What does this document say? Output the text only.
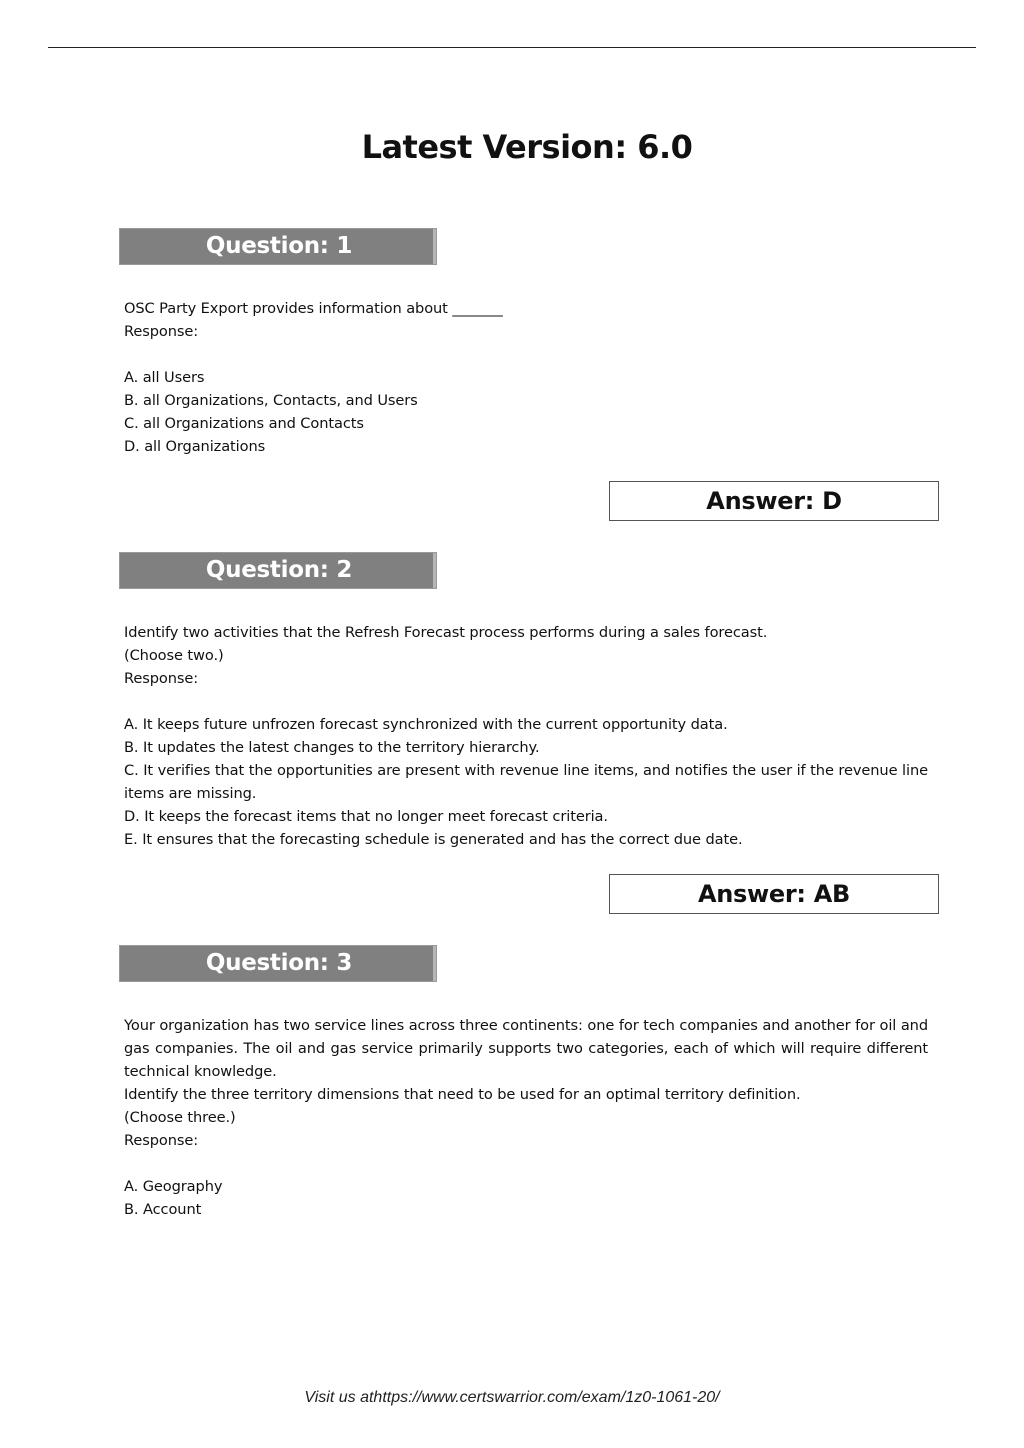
Latest Version: 6.0
Question: 1
OSC Party Export provides information about _______
Response:
A. all Users
B. all Organizations, Contacts, and Users
C. all Organizations and Contacts
D. all Organizations
Answer: D
Question: 2
Identify two activities that the Refresh Forecast process performs during a sales forecast.
(Choose two.)
Response:
A. It keeps future unfrozen forecast synchronized with the current opportunity data.
B. It updates the latest changes to the territory hierarchy.
C. It verifies that the opportunities are present with revenue line items, and notifies the user if the revenue line items are missing.
D. It keeps the forecast items that no longer meet forecast criteria.
E. It ensures that the forecasting schedule is generated and has the correct due date.
Answer: AB
Question: 3
Your organization has two service lines across three continents: one for tech companies and another for oil and gas companies. The oil and gas service primarily supports two categories, each of which will require different technical knowledge.
Identify the three territory dimensions that need to be used for an optimal territory definition.
(Choose three.)
Response:
A. Geography
B. Account
Visit us athttps://www.certswarrior.com/exam/1z0-1061-20/
